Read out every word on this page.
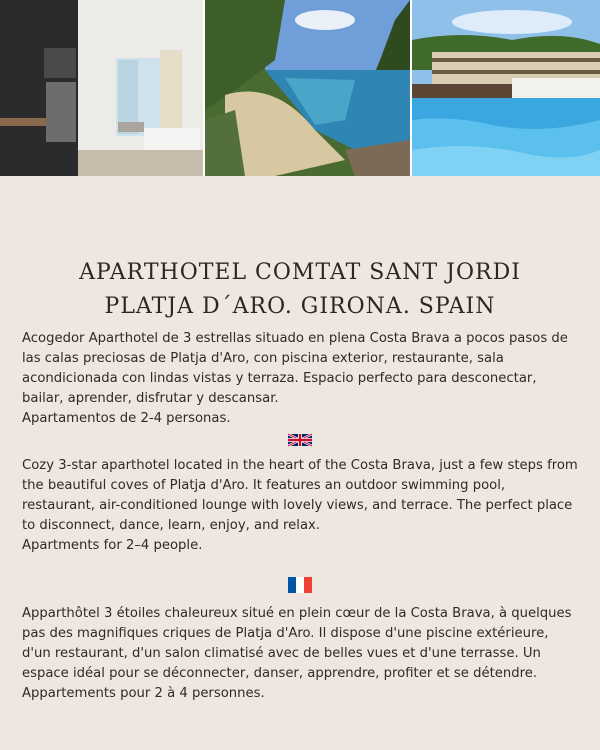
APARTHOTEL COMTAT SANT JORDI
PLATJA D´ARO. GIRONA. SPAIN

Acogedor Aparthotel de 3 estrellas situado en plena Costa Brava a pocos pasos de las calas preciosas de Platja d'Aro, con piscina exterior, restaurante, sala acondicionada con lindas vistas y terraza. Espacio perfecto para desconectar, bailar, aprender, disfrutar y descansar.

Apartamentos de 2-4 personas.

Cozy 3-star aparthotel located in the heart of the Costa Brava, just a few steps from the beautiful coves of Platja d'Aro. It features an outdoor swimming pool, restaurant, air-conditioned lounge with lovely views, and terrace. The perfect place to disconnect, dance, learn, enjoy, and relax.

Apartments for 2–4 people.

Apparthôtel 3 étoiles chaleureux situé en plein cœur de la Costa Brava, à quelques pas des magnifiques criques de Platja d'Aro. Il dispose d'une piscine extérieure, d'un restaurant, d'un salon climatisé avec de belles vues et d'une terrasse. Un espace idéal pour se déconnecter, danser, apprendre, profiter et se détendre.

Appartements pour 2 à 4 personnes.
